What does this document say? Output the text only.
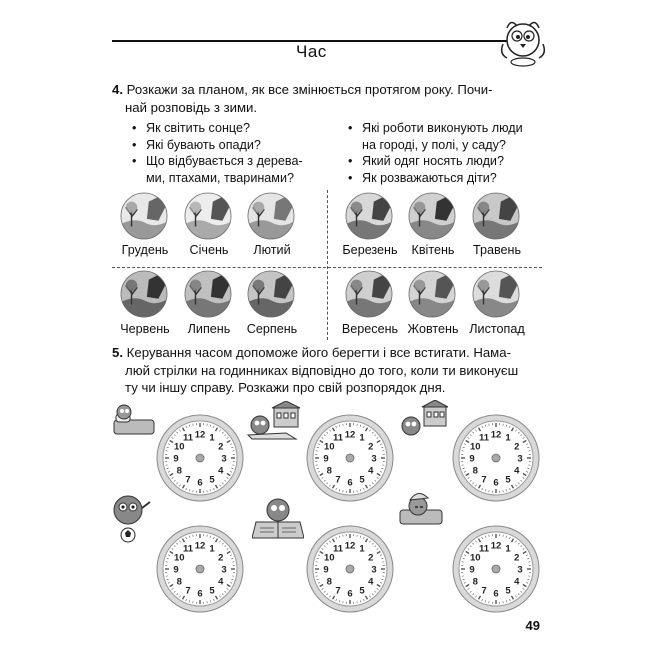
Час
4. Розкажи за планом, як все змінюється протягом року. Почи-
най розповідь з зими.
• Як світить сонце?
• Які бувають опади?
• Що відбувається з дерева-
ми, птахами, тваринами?
• Які роботи виконують люди
на городі, у полі, у саду?
• Який одяг носять люди?
• Як розважаються діти?
Грудень	Січень	Лютий	Березень	Квітень	Травень
Червень	Липень	Серпень	Вересень Жовтень Листопад
5. Керування часом допоможе його берегти і все встигати. Нама-
люй стрілки на годинниках відповідно до того, коли ти виконуєш
ту чи іншу справу. Розкажи про свій розпорядок дня.
12 1
2
3
4
5
6
7
8
9
10
11	12 1
2
3
4
5
6
7
8
9
10
11	12 1
2
3
4
5
6
7
8
9
10
11
12 1
2
3
4
5
6
7
8
9
10
11	12 1
2
3
4
5
6
7
8
9
10
11	12 1
2
3
4
5
6
7
8
9
10
11
49
